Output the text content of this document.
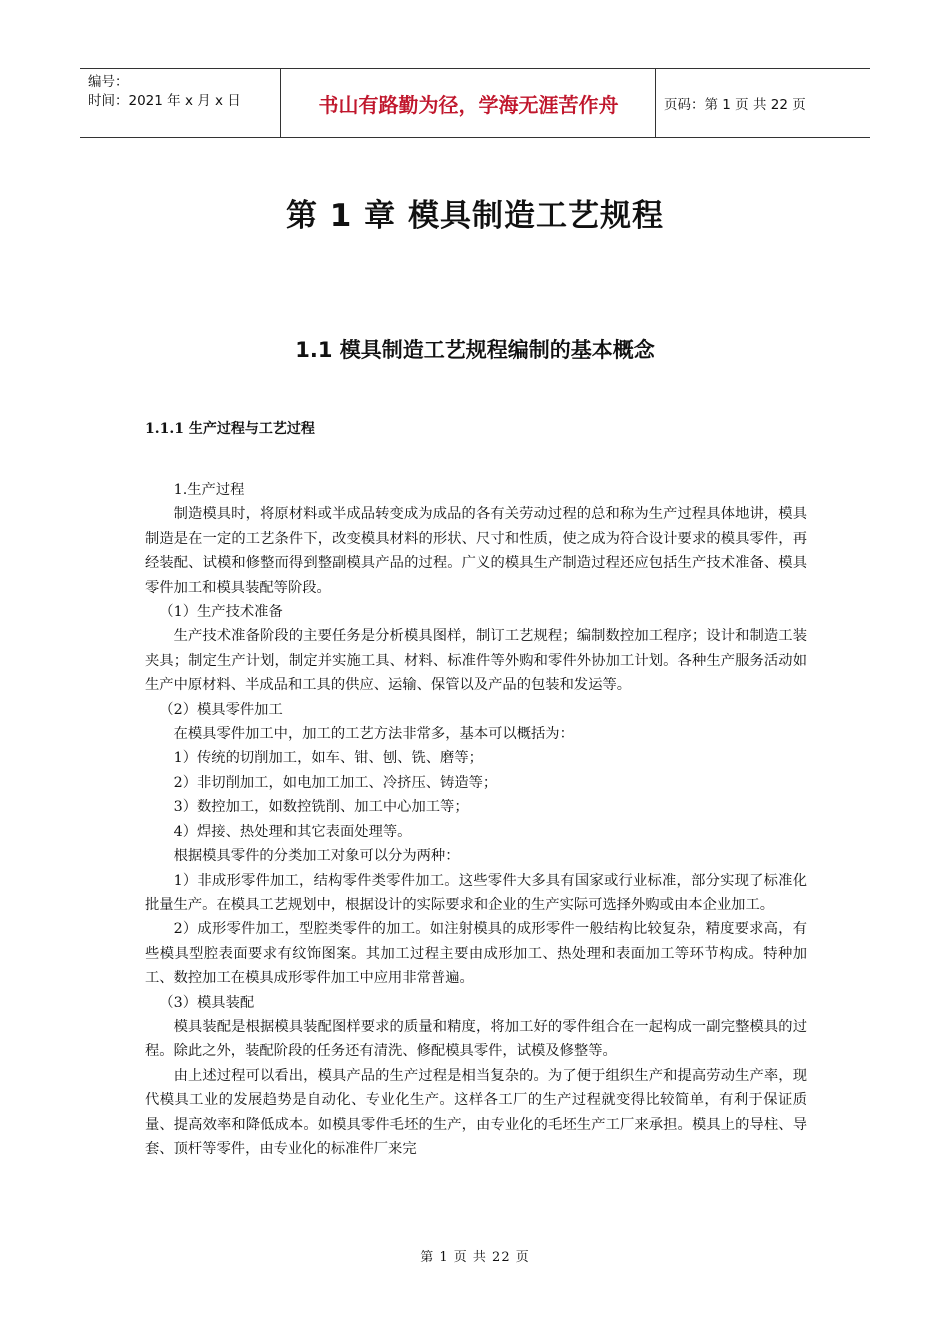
编号：
时间：2021 年 x 月 x 日	书山有路勤为径，学海无涯苦作舟	页码：第 1 页 共 22 页
第 1 章 模具制造工艺规程
1.1 模具制造工艺规程编制的基本概念
1.1.1 生产过程与工艺过程

1.生产过程

制造模具时，将原材料或半成品转变成为成品的各有关劳动过程的总和称为生产过程具体地讲，模具制造是在一定的工艺条件下，改变模具材料的形状、尺寸和性质，使之成为符合设计要求的模具零件，再经装配、试模和修整而得到整副模具产品的过程。广义的模具生产制造过程还应包括生产技术准备、模具零件加工和模具装配等阶段。

（1）生产技术准备

生产技术准备阶段的主要任务是分析模具图样，制订工艺规程；编制数控加工程序；设计和制造工装夹具；制定生产计划，制定并实施工具、材料、标准件等外购和零件外协加工计划。各种生产服务活动如生产中原材料、半成品和工具的供应、运输、保管以及产品的包装和发运等。

（2）模具零件加工

在模具零件加工中，加工的工艺方法非常多，基本可以概括为：

1）传统的切削加工，如车、钳、刨、铣、磨等；

2）非切削加工，如电加工加工、冷挤压、铸造等；

3）数控加工，如数控铣削、加工中心加工等；

4）焊接、热处理和其它表面处理等。

根据模具零件的分类加工对象可以分为两种：

1）非成形零件加工，结构零件类零件加工。这些零件大多具有国家或行业标准，部分实现了标准化批量生产。在模具工艺规划中，根据设计的实际要求和企业的生产实际可选择外购或由本企业加工。

2）成形零件加工，型腔类零件的加工。如注射模具的成形零件一般结构比较复杂，精度要求高，有些模具型腔表面要求有纹饰图案。其加工过程主要由成形加工、热处理和表面加工等环节构成。特种加工、数控加工在模具成形零件加工中应用非常普遍。

（3）模具装配

模具装配是根据模具装配图样要求的质量和精度，将加工好的零件组合在一起构成一副完整模具的过程。除此之外，装配阶段的任务还有清洗、修配模具零件，试模及修整等。

由上述过程可以看出，模具产品的生产过程是相当复杂的。为了便于组织生产和提高劳动生产率，现代模具工业的发展趋势是自动化、专业化生产。这样各工厂的生产过程就变得比较简单，有利于保证质量、提高效率和降低成本。如模具零件毛坯的生产，由专业化的毛坯生产工厂来承担。模具上的导柱、导套、顶杆等零件，由专业化的标准件厂来完

第 1 页 共 22 页
